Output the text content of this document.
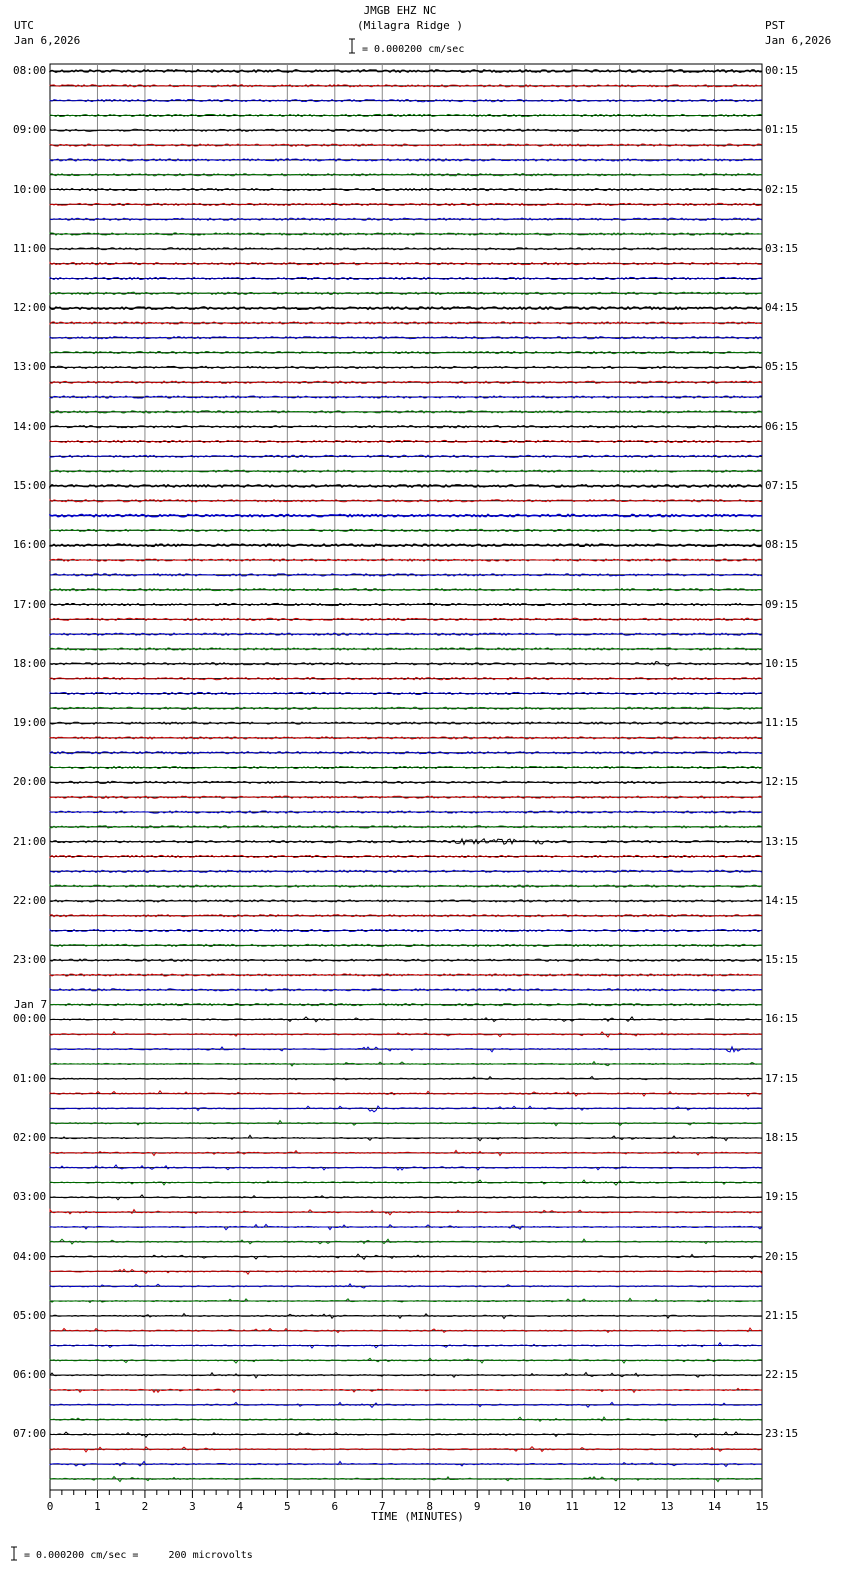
UTC
Jan 6,2026
PST
Jan 6,2026
JMGB EHZ NC
(Milagra Ridge )
= 0.000200 cm/sec
08:00
09:00
10:00
11:00
12:00
13:00
14:00
15:00
16:00
17:00
18:00
19:00
20:00
21:00
22:00
23:00
00:00
01:00
02:00
03:00
04:00
05:00
06:00
07:00
00:15
01:15
02:15
03:15
04:15
05:15
06:15
07:15
08:15
09:15
10:15
11:15
12:15
13:15
14:15
15:15
16:15
17:15
18:15
19:15
20:15
21:15
22:15
23:15
Jan 7
0	1	2	3	4	5	6	7	8	9	10	11	12	13	14	15
TIME (MINUTES)
= 0.000200 cm/sec =     200 microvolts
